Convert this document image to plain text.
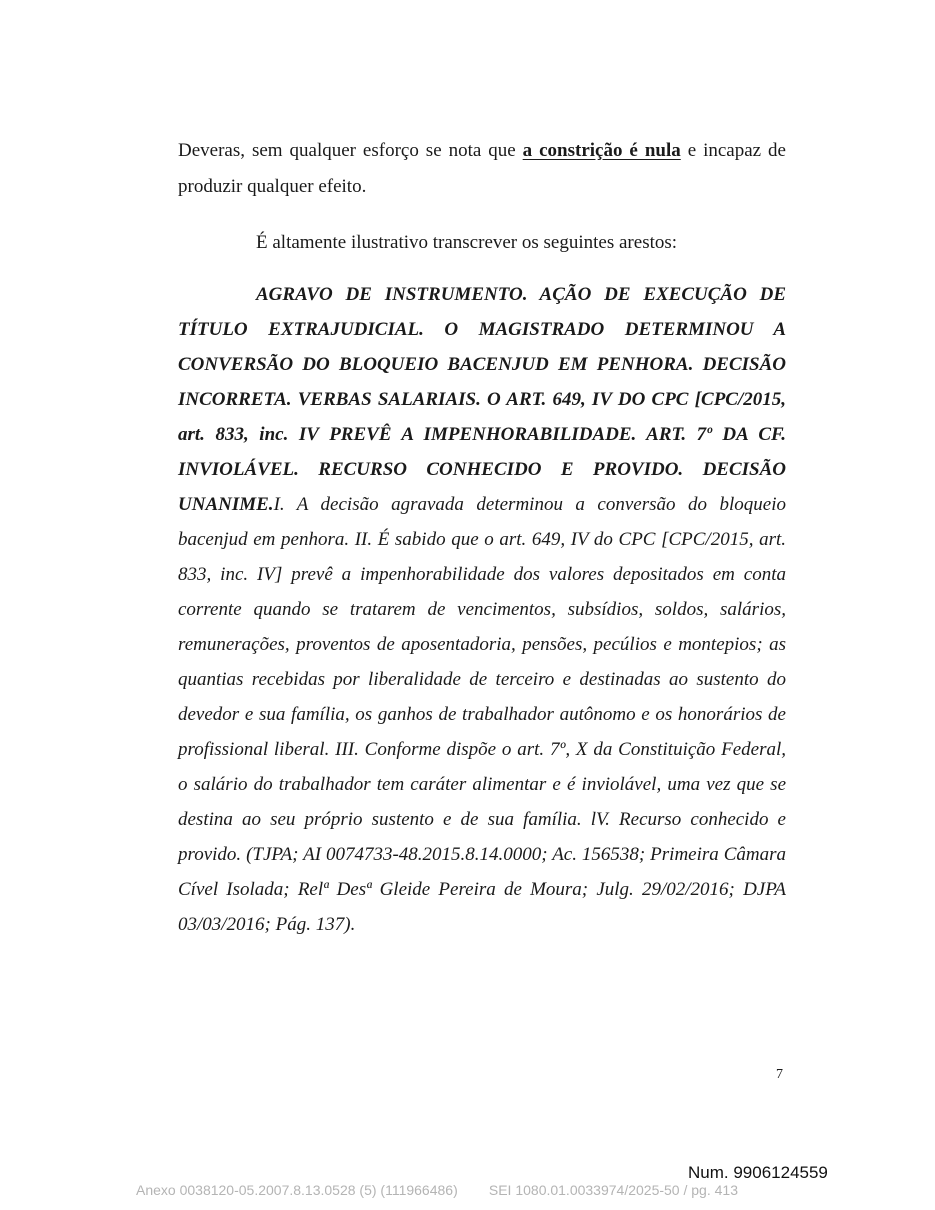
Deveras, sem qualquer esforço se nota que a constrição é nula e incapaz de produzir qualquer efeito.

É altamente ilustrativo transcrever os seguintes arestos:

AGRAVO DE INSTRUMENTO. AÇÃO DE EXECUÇÃO DE TÍTULO EXTRAJUDICIAL. O MAGISTRADO DETERMINOU A CONVERSÃO DO BLOQUEIO BACENJUD EM PENHORA. DECISÃO INCORRETA. VERBAS SALARIAIS. O ART. 649, IV DO CPC [CPC/2015, art. 833, inc. IV PREVÊ A IMPENHORABILIDADE. ART. 7º DA CF. INVIOLÁVEL. RECURSO CONHECIDO E PROVIDO. DECISÃO UNANIME.I. A decisão agravada determinou a conversão do bloqueio bacenjud em penhora. II. É sabido que o art. 649, IV do CPC [CPC/2015, art. 833, inc. IV] prevê a impenhorabilidade dos valores depositados em conta corrente quando se tratarem de vencimentos, subsídios, soldos, salários, remunerações, proventos de aposentadoria, pensões, pecúlios e montepios; as quantias recebidas por liberalidade de terceiro e destinadas ao sustento do devedor e sua família, os ganhos de trabalhador autônomo e os honorários de profissional liberal. III. Conforme dispõe o art. 7º, X da Constituição Federal, o salário do trabalhador tem caráter alimentar e é inviolável, uma vez que se destina ao seu próprio sustento e de sua família. lV. Recurso conhecido e provido. (TJPA; AI 0074733-48.2015.8.14.0000; Ac. 156538; Primeira Câmara Cível Isolada; Relª Desª Gleide Pereira de Moura; Julg. 29/02/2016; DJPA 03/03/2016; Pág. 137).

7
Num. 9906124559
Anexo 0038120-05.2007.8.13.0528 (5) (111966486) SEI 1080.01.0033974/2025-50 / pg. 413
